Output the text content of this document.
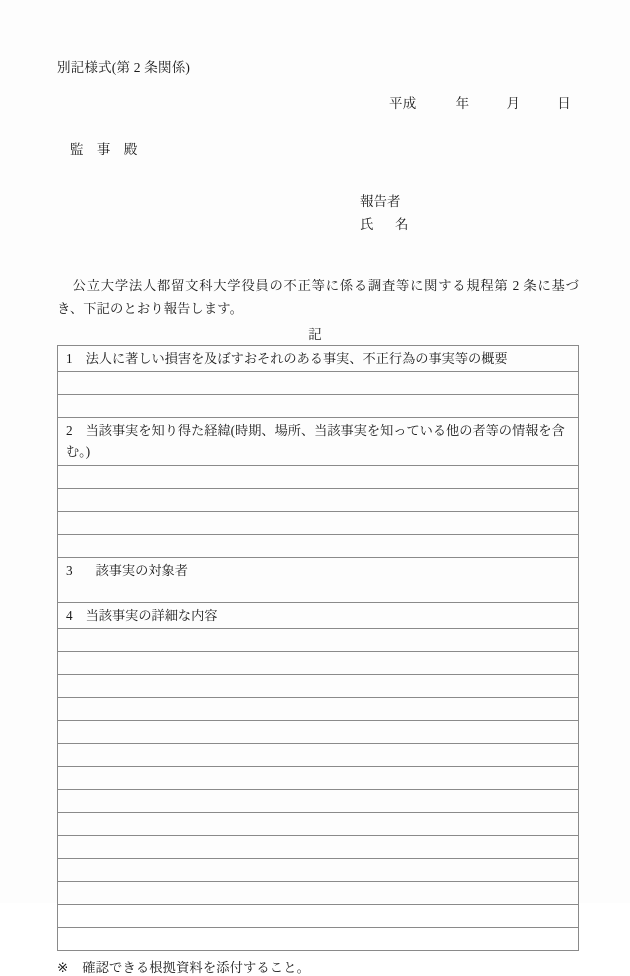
別記様式(第 2 条関係)
平成	年	月	日
監 事 殿
報告者
氏　名
公立大学法人都留文科大学役員の不正等に係る調査等に関する規程第 2 条に基づき、下記のとおり報告します。
記
1 法人に著しい損害を及ぼすおそれのある事実、不正行為の事実等の概要

2 当該事実を知り得た経緯(時期、場所、当該事実を知っている他の者等の情報を含む。)

3 該事実の対象者

4 当該事実の詳細な内容

※ 確認できる根拠資料を添付すること。
